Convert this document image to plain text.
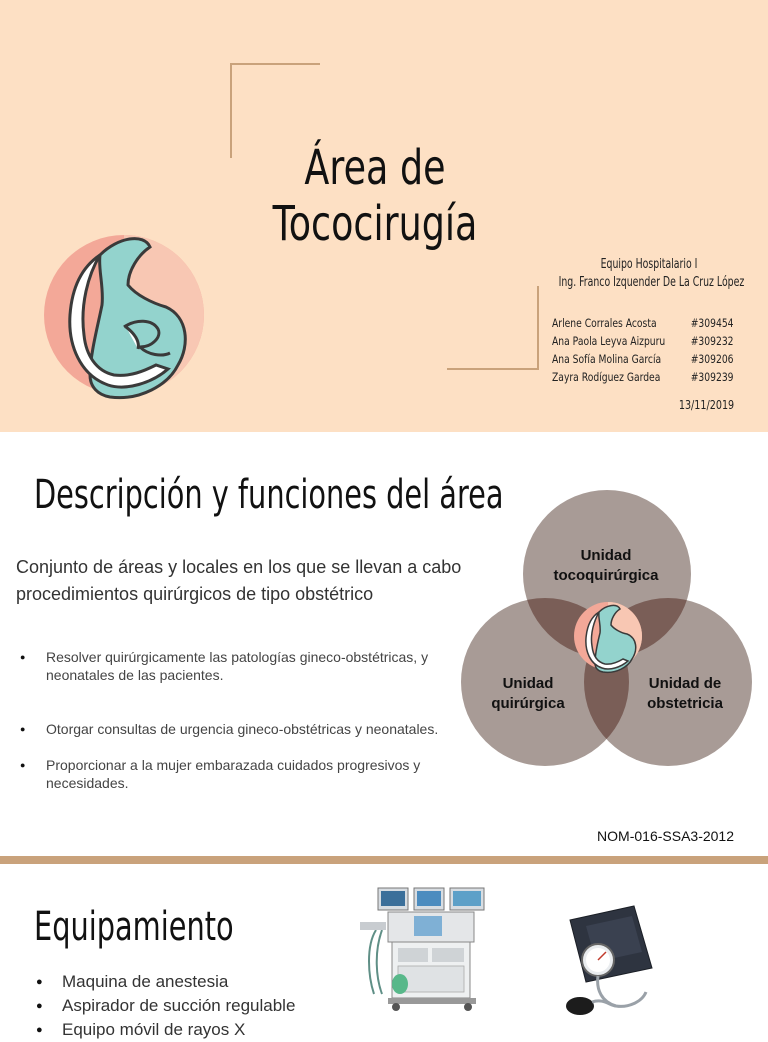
Área de
Tococirugía
Equipo Hospitalario I
Ing. Franco Izquender De La Cruz López
Arlene Corrales Acosta	#309454
Ana Paola Leyva Aizpuru #309232
Ana Sofía Molina García	#309206
Zayra Rodíguez Gardea	#309239
13/11/2019
Descripción y funciones del área
Conjunto de áreas y locales en los que se llevan a cabo procedimientos quirúrgicos de tipo obstétrico
● Resolver quirúrgicamente las patologías gineco-obstétricas, y neonatales de las pacientes.
● Otorgar consultas de urgencia gineco-obstétricas y neonatales.
● Proporcionar a la mujer embarazada cuidados progresivos y necesidades.
Unidad
tocoquirúrgica
Unidad
quirúrgica
Unidad de
obstetricia
NOM-016-SSA3-2012
Equipamiento
● Maquina de anestesia
● Aspirador de succión regulable
● Equipo móvil de rayos X
